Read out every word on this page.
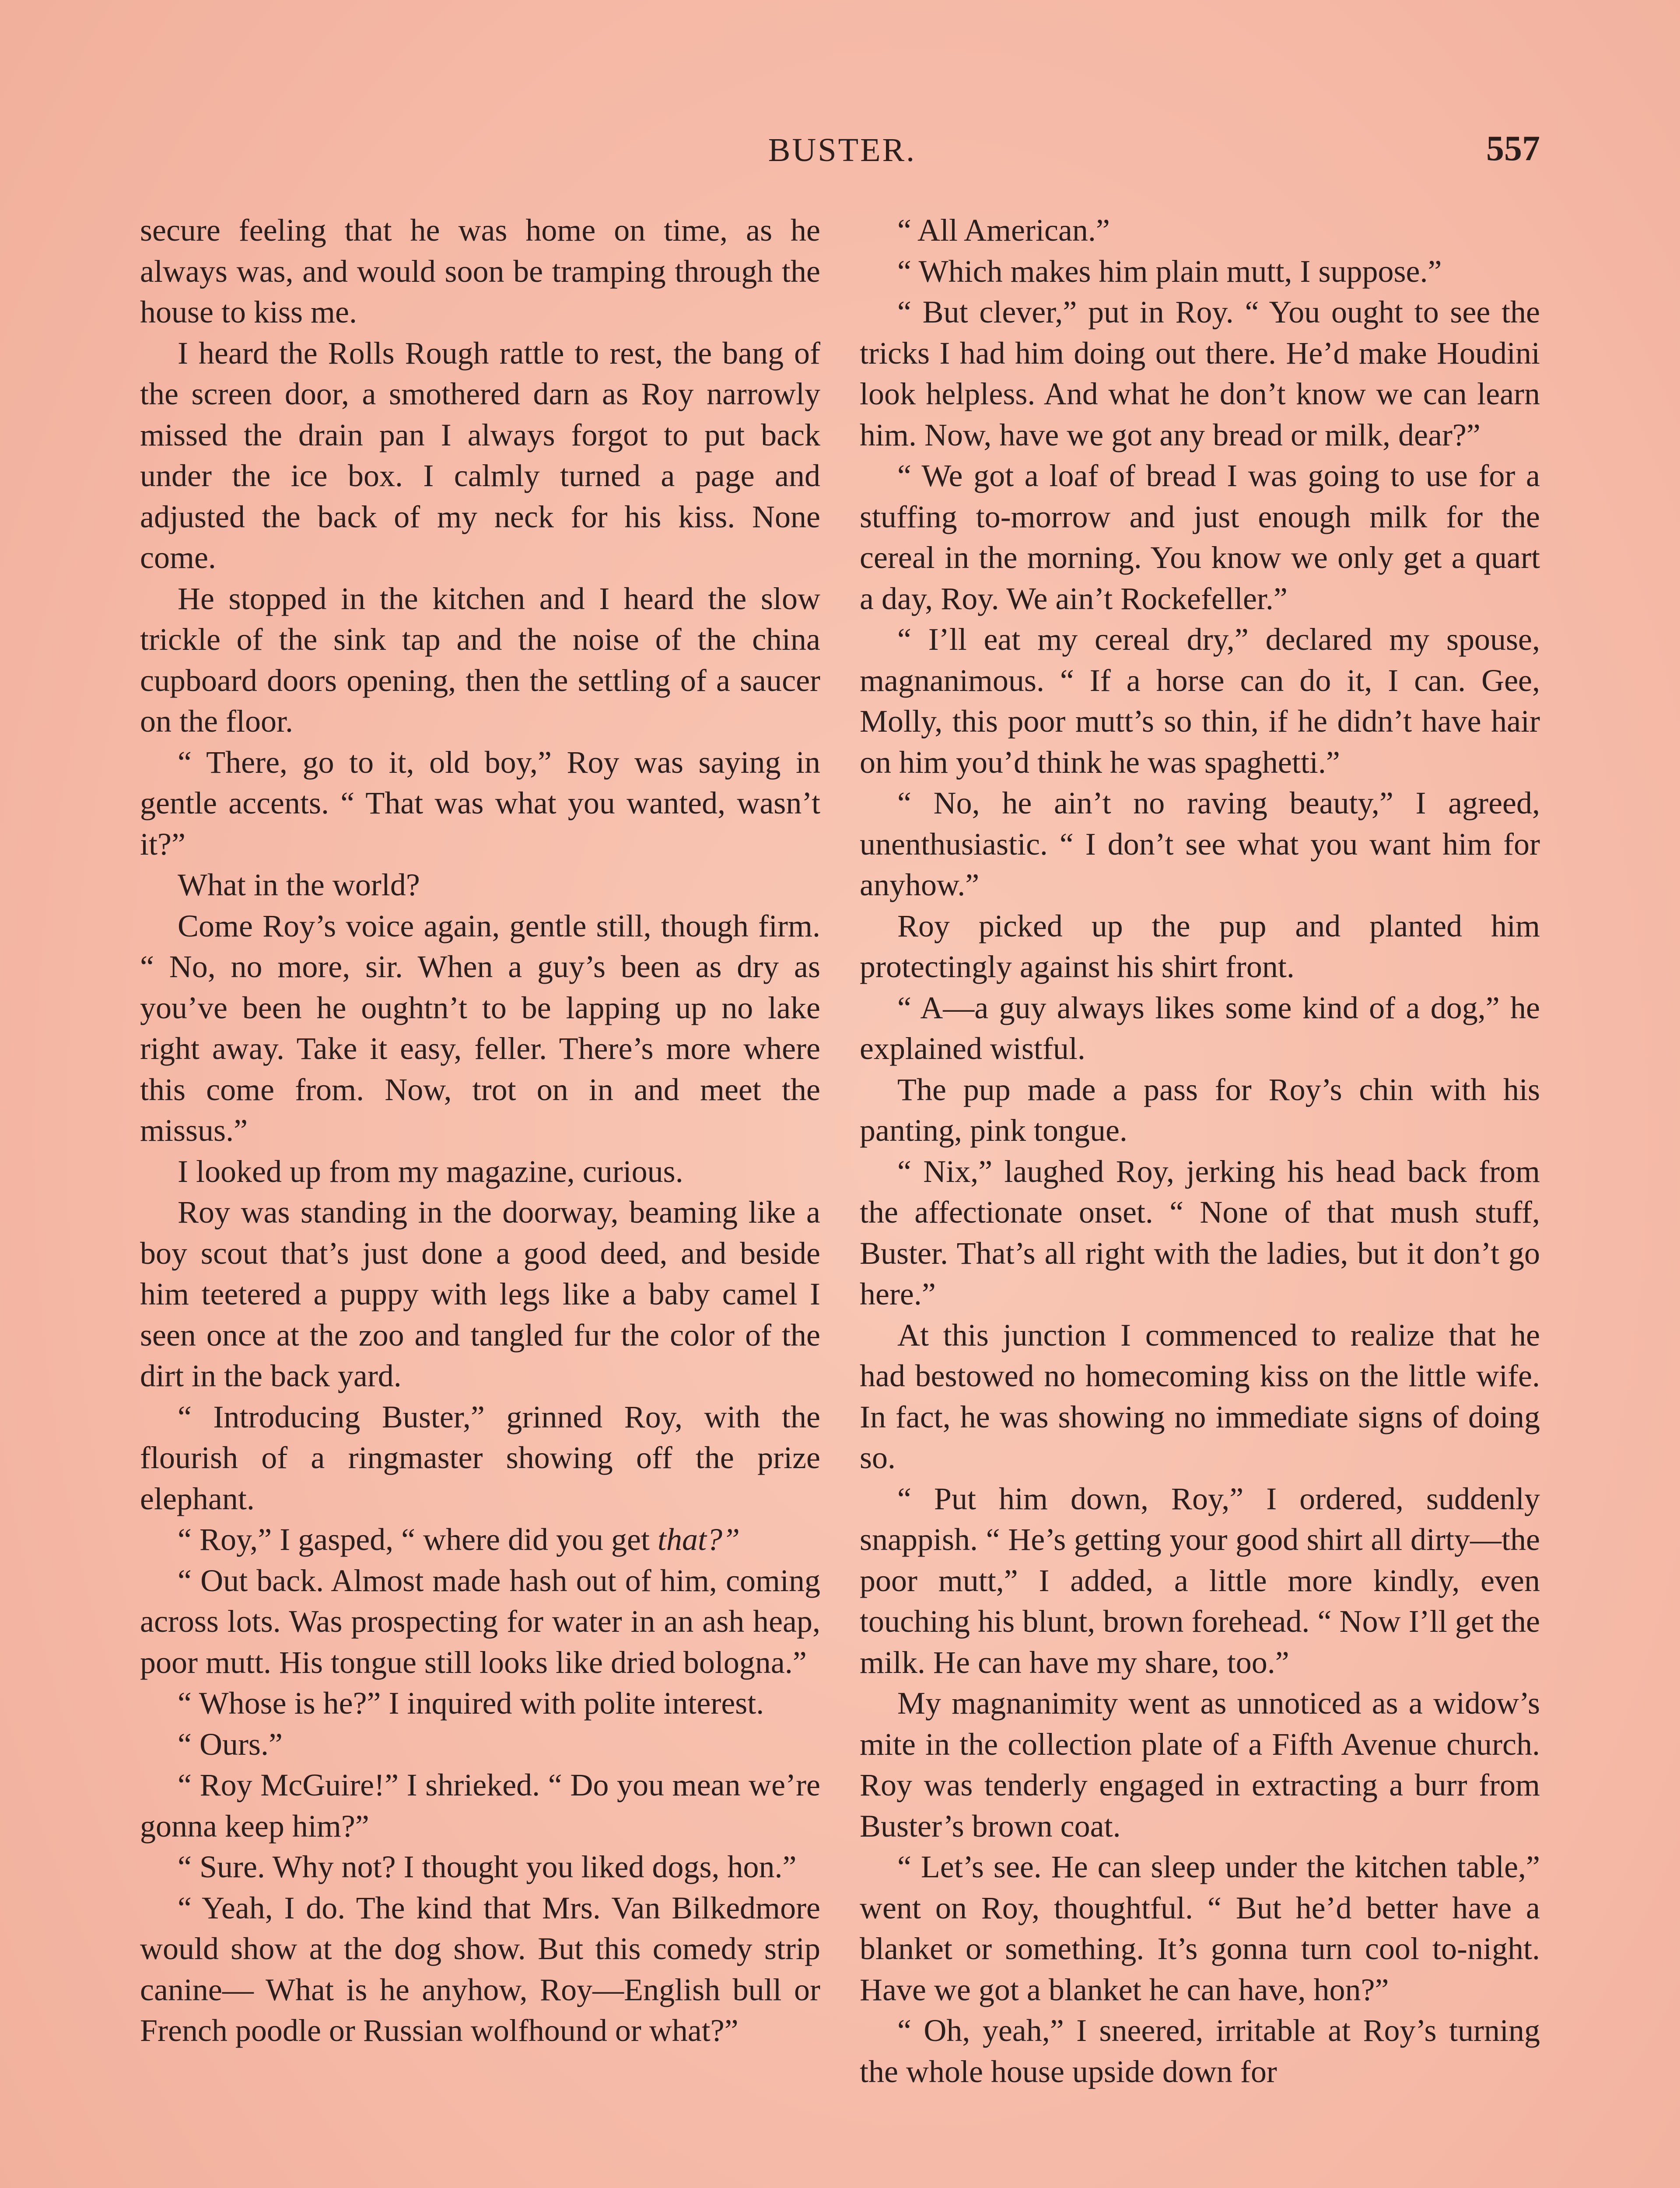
BUSTER.	557

secure feeling that he was home on time, as he always was, and would soon be tramping through the house to kiss me.

I heard the Rolls Rough rattle to rest, the bang of the screen door, a smothered darn as Roy narrowly missed the drain pan I always forgot to put back under the ice box. I calmly turned a page and adjusted the back of my neck for his kiss. None come.

He stopped in the kitchen and I heard the slow trickle of the sink tap and the noise of the china cupboard doors opening, then the settling of a saucer on the floor.

“ There, go to it, old boy,” Roy was saying in gentle accents. “ That was what you wanted, wasn’t it?”

What in the world?

Come Roy’s voice again, gentle still, though firm. “ No, no more, sir. When a guy’s been as dry as you’ve been he oughtn’t to be lapping up no lake right away. Take it easy, feller. There’s more where this come from. Now, trot on in and meet the missus.”

I looked up from my magazine, curious.

Roy was standing in the doorway, beaming like a boy scout that’s just done a good deed, and beside him teetered a puppy with legs like a baby camel I seen once at the zoo and tangled fur the color of the dirt in the back yard.

“ Introducing Buster,” grinned Roy, with the flourish of a ringmaster showing off the prize elephant.

“ Roy,” I gasped, “ where did you get that?”

“ Out back. Almost made hash out of him, coming across lots. Was prospecting for water in an ash heap, poor mutt. His tongue still looks like dried bologna.”

“ Whose is he?” I inquired with polite interest.

“ Ours.”

“ Roy McGuire!” I shrieked. “ Do you mean we’re gonna keep him?”

“ Sure. Why not? I thought you liked dogs, hon.”

“ Yeah, I do. The kind that Mrs. Van Bilkedmore would show at the dog show. But this comedy strip canine— What is he anyhow, Roy—English bull or French poodle or Russian wolfhound or what?”

“ All American.”

“ Which makes him plain mutt, I suppose.”

“ But clever,” put in Roy. “ You ought to see the tricks I had him doing out there. He’d make Houdini look helpless. And what he don’t know we can learn him. Now, have we got any bread or milk, dear?”

“ We got a loaf of bread I was going to use for a stuffing to-morrow and just enough milk for the cereal in the morning. You know we only get a quart a day, Roy. We ain’t Rockefeller.”

“ I’ll eat my cereal dry,” declared my spouse, magnanimous. “ If a horse can do it, I can. Gee, Molly, this poor mutt’s so thin, if he didn’t have hair on him you’d think he was spaghetti.”

“ No, he ain’t no raving beauty,” I agreed, unenthusiastic. “ I don’t see what you want him for anyhow.”

Roy picked up the pup and planted him protectingly against his shirt front.

“ A—a guy always likes some kind of a dog,” he explained wistful.

The pup made a pass for Roy’s chin with his panting, pink tongue.

“ Nix,” laughed Roy, jerking his head back from the affectionate onset. “ None of that mush stuff, Buster. That’s all right with the ladies, but it don’t go here.”

At this junction I commenced to realize that he had bestowed no homecoming kiss on the little wife. In fact, he was showing no immediate signs of doing so.

“ Put him down, Roy,” I ordered, suddenly snappish. “ He’s getting your good shirt all dirty—the poor mutt,” I added, a little more kindly, even touching his blunt, brown forehead. “ Now I’ll get the milk. He can have my share, too.”

My magnanimity went as unnoticed as a widow’s mite in the collection plate of a Fifth Avenue church. Roy was tenderly engaged in extracting a burr from Buster’s brown coat.

“ Let’s see. He can sleep under the kitchen table,” went on Roy, thoughtful. “ But he’d better have a blanket or something. It’s gonna turn cool to-night. Have we got a blanket he can have, hon?”

“ Oh, yeah,” I sneered, irritable at Roy’s turning the whole house upside down for
